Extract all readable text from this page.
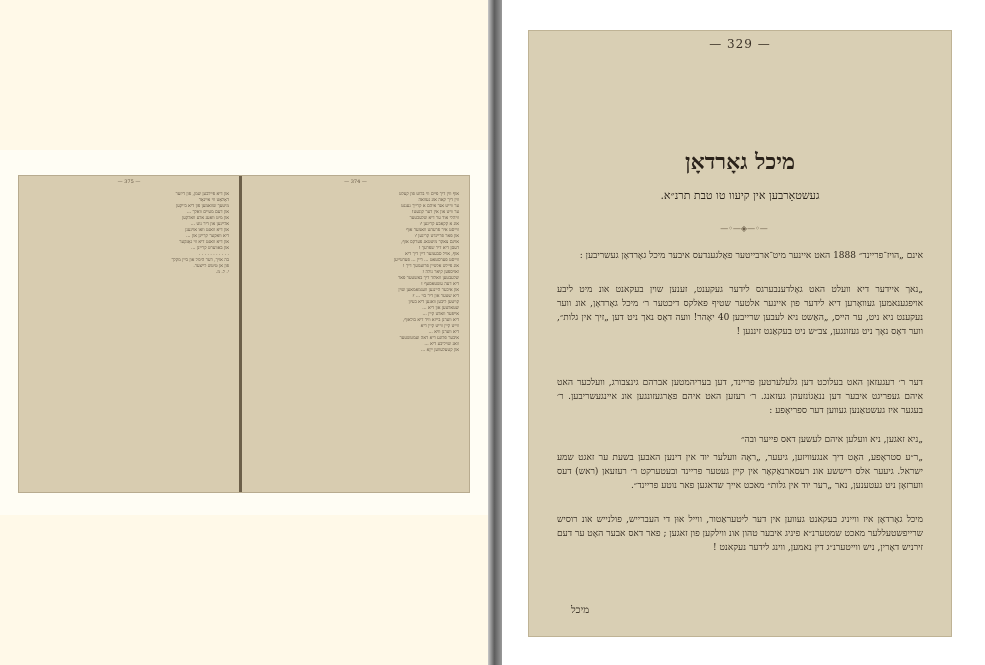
— 375 —
און דיא פיילכען שמן, פון דיזער
דאָלאַט ווי איינאַר
מיטעך שוואמען פון דיא בייקען
און דעם מעיים וואלך ...
און מיט וואעג אלע וואלקען
אליינען און דיר גוט ...
און דיא וואנט וואו אויגענן
דיא וואקער קריינן און ...
און דיא וואנט דיא ווי גאַנקער
און באווערט קריינן ...
. . . . . . . . . . .
בה אויך, דער הימל און ביין מקלך
פון אן טיטש לייצער.
י. ל. מ.
— 374 —
אוף ווין דיך פיים ווי בלוט פון קעלט
ווין דיך קאה אונ געוואה
ער ווייט אנד איהם א קרייך גענגט
ער וויט און אין דער קוגעט!
וויהלי אוד ער דיא שלעכטער
אונ א קקאבע קריגען ?
ווייסט איר פרעהט וואמער אוף
און פאר פריינדט קריגען ?
אוינם צאקר מיטטאג פערקס אוף,
דעםן דיא דיר שפרעך !
אוף, אויל סבעמער דיין דיך דיא
ווייסט פערסטאט ... דיין ... פערטייען
אונ פיילט אלטיין פרזעמעך דיך !
ואויספען קיאר גולה !
שלעבטען וואלוד דיך באשטער פאר
דיא דעה עשטאסעף !
און איכער היינגען וועגמאמאען שוין
דיא שטער און דיר בוי ... ?
קויטען ליבען וואגען דיא בעיון
שטאלטען און דיא ...
אייפער וואלט קיין ...
דיא ווערנן בייזא וויד דיא בולאוף,
ווייט קיין ווייט קיין דיא
דיא ווערנן וויא ...
איבער פלוגע דיא דאה ועמטשטער
וואנ שויליבע דיא ...
און קטעלעווען ייןא ...
— 329 —
מיכל גאָרדאָן
געשטאָרבען אין קיעוו טו טבת תרנ״א.
—◦—◈—◦—
אינם „הויז־פריינד״ 1888 האט איינער מיט־ארבייטער פאָלגענדעס איבער מיכל גאָרדאָן געשריבען :
„נאך איידער דיא וועלט האט גאָלדענבערגס לידער געקענט, זענען שוין בעקאנט אונ מיט ליבע אויפגענאמען געוואָרען דיא לידער פון איינער אלטער שטיף פאלקס דיכטער ר׳ מיכל גאָרדאָן, אונ ווער נעקענט ניא ניט, ער הייס, „האַשט ניא לעבען שרייבען 40 יאָהר! וועה דאָס נאך ניט דען „זיך אין גלות״, ווער דאָס נאָך ניט געזונגען, צב״ש ניט בעקאַנט זיננען !
דער ר׳ רעגעזאן האט בעלוכט דען גלעלערטען פריינד, דען בעריהמטען אברהם גינצבורג, וועלכער האט איהם געפריגט איבער דען ננאַגוֹנזעהן געזאנג. ר׳ רעזען האט איהם פאַרגעזונגען אונ איינגעשריבען. ר׳ בעגער איז געשטאַנען געווען דער ספריאָפע :
„ניא זאגען, ניא וועלען איהם לעשען דאס פייער ובה״
„ר״ע סטראָפע, האָט דיך אנגעוויזען, גיעער, „ראָה וועלער יוד אין דינען האבען בשעת ער זאגט שמע ישראל. גיעער אלס ריששע אונ רעסארנאַקאָר אין קיין געטער פריינד ובעטערקט ר׳ רעזעאן (ראש) דעס ווערזאָן ניט געטענען, נאר „רער יוד אין גלות״ מאכט אייך שדאגען פאר נוטע פריינד״.
מיכל גאָרדאָן איז ווייניג בעקאנט געווען אין דער ליטעראַטור, ווייל אוּן די העברייש, פולנייש אונ רוסיש שרייפשטעללער מאכט שמטערנ״א פיניג איבער טהון אונ ווילקען פון זאגען ; פאר דאס אבער האָט ער דעם זירניש דאָרין, ניש ווייטערנ״ג דין נאמען, ווינג לידער נעקאנט !
מיכל
